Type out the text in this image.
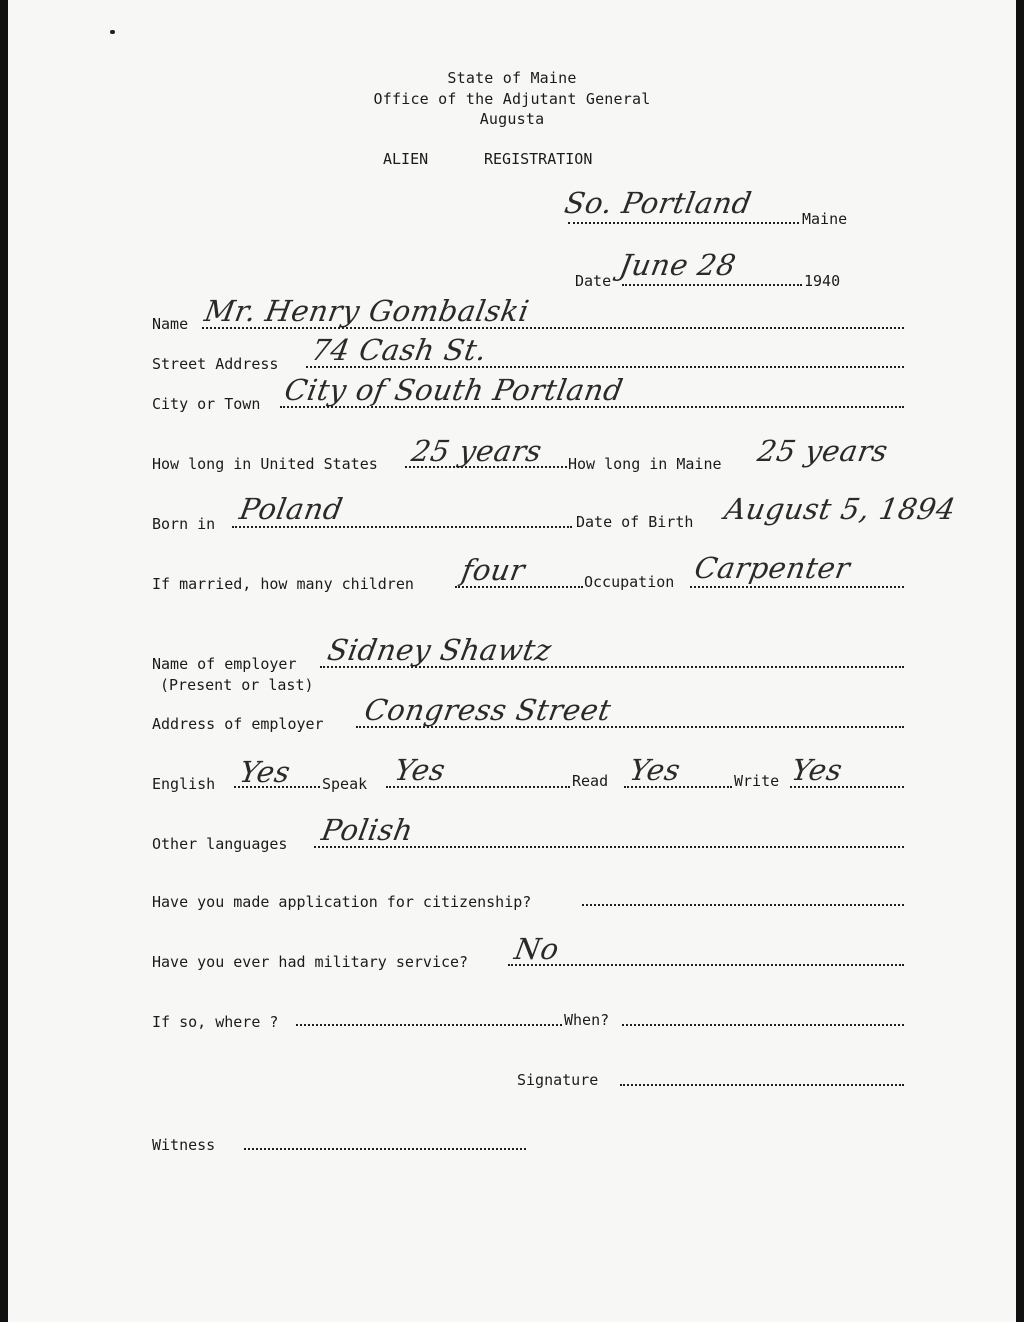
State of Maine
Office of the Adjutant General
Augusta
ALIEN	REGISTRATION
So. Portland	Maine
Date June 28	1940
Name Mr. Henry Gombalski
Street Address 74 Cash St.
City or Town City of South Portland
How long in United States 25 years How long in Maine 25 years
Born in Poland	Date of Birth August 5, 1894
If married, how many children four	Occupation Carpenter
Name of employer
(Present or last)
Sidney Shawtz
Address of employer Congress Street
English Yes Speak Yes	Read Yes	Write Yes
Other languages Polish
Have you made application for citizenship?
Have you ever had military service? No
If so, where ?	When?
Signature
Witness
